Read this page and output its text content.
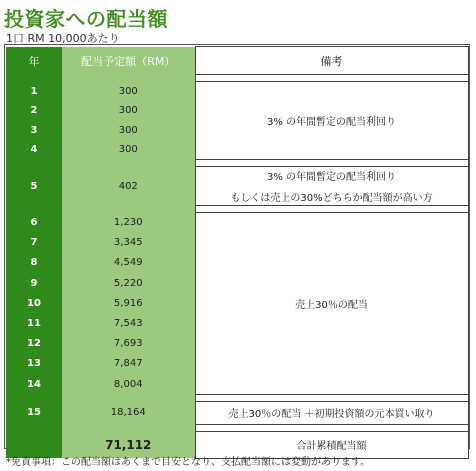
投資家への配当額
1口 RM 10,000あたり
年	配当予定額（RM）	備考

1	300	3% の年間暫定の配当利回り
2	300	
3	300	
4	300	

5	402	3% の年間暫定の配当利回り
もしくは売上の30%どちらか配当額が高い方

6	1,230	売上30％の配当
7	3,345	
8	4,549	
9	5,220	
10	5,916	
11	7,543	
12	7,693	
13	7,847	
14	8,004	

15	18,164	売上30％の配当 ＋初期投資額の元本買い取り

	71,112	合計累積配当額
*免責事項：この配当額はあくまで目安となり、支払配当額には変動があります。
